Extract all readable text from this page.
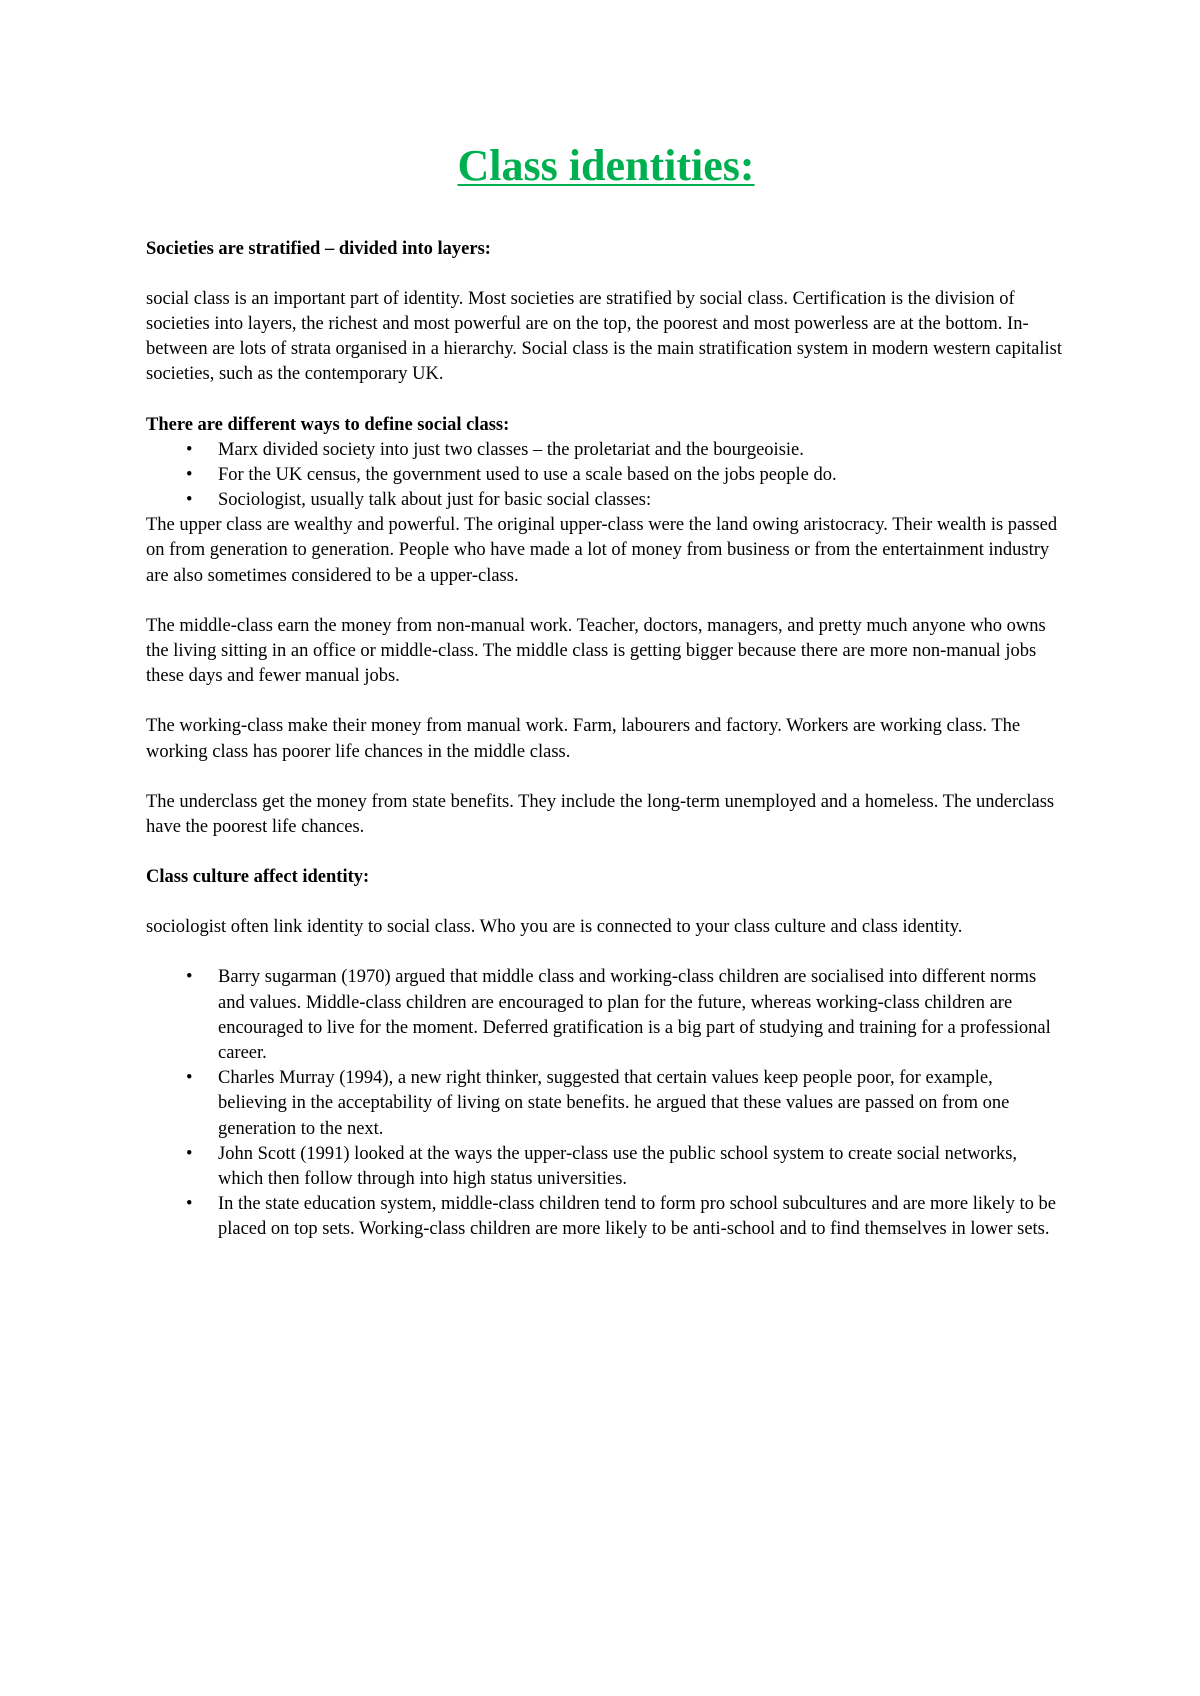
Class identities:

Societies are stratified – divided into layers:

social class is an important part of identity. Most societies are stratified by social class. Certification is the division of societies into layers, the richest and most powerful are on the top, the poorest and most powerless are at the bottom. In-between are lots of strata organised in a hierarchy. Social class is the main stratification system in modern western capitalist societies, such as the contemporary UK.

There are different ways to define social class:

• Marx divided society into just two classes – the proletariat and the bourgeoisie.
• For the UK census, the government used to use a scale based on the jobs people do.
• Sociologist, usually talk about just for basic social classes:

The upper class are wealthy and powerful. The original upper-class were the land owing aristocracy. Their wealth is passed on from generation to generation. People who have made a lot of money from business or from the entertainment industry are also sometimes considered to be a upper-class.

The middle-class earn the money from non-manual work. Teacher, doctors, managers, and pretty much anyone who owns the living sitting in an office or middle-class. The middle class is getting bigger because there are more non-manual jobs these days and fewer manual jobs.

The working-class make their money from manual work. Farm, labourers and factory. Workers are working class. The working class has poorer life chances in the middle class.

The underclass get the money from state benefits. They include the long-term unemployed and a homeless. The underclass have the poorest life chances.

Class culture affect identity:

sociologist often link identity to social class. Who you are is connected to your class culture and class identity.

• Barry sugarman (1970) argued that middle class and working-class children are socialised into different norms and values. Middle-class children are encouraged to plan for the future, whereas working-class children are encouraged to live for the moment. Deferred gratification is a big part of studying and training for a professional career.
• Charles Murray (1994), a new right thinker, suggested that certain values keep people poor, for example, believing in the acceptability of living on state benefits. he argued that these values are passed on from one generation to the next.
• John Scott (1991) looked at the ways the upper-class use the public school system to create social networks, which then follow through into high status universities.
• In the state education system, middle-class children tend to form pro school subcultures and are more likely to be placed on top sets. Working-class children are more likely to be anti-school and to find themselves in lower sets.
